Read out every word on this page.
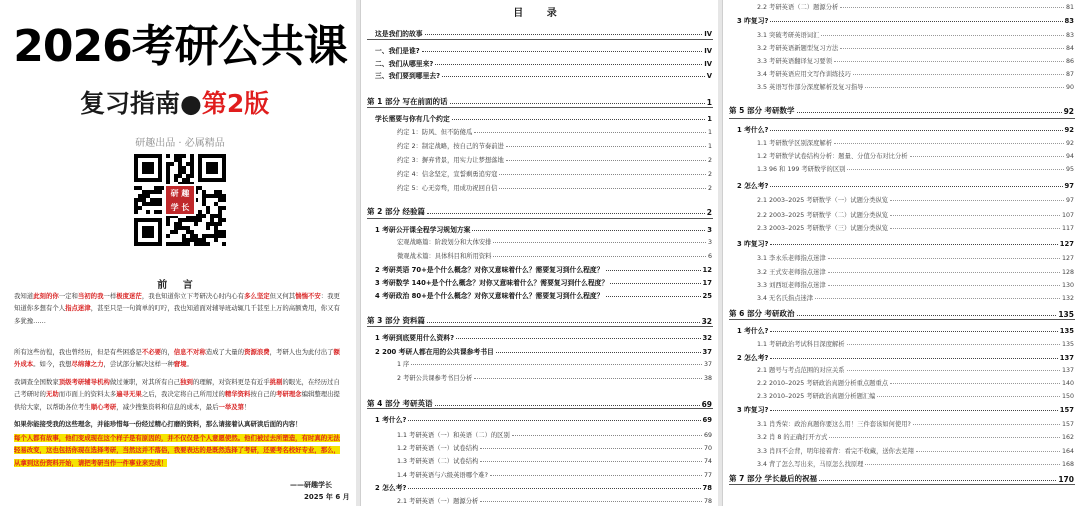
2026考研公共课
复习指南●第2版
研趣出品 · 必属精品
研 趣 学 长
前 言
我知道此刻的你一定和当初的我一样极度迷茫，我也知道你立下考研决心时内心有多么坚定但又何其惴惴不安：我更知道你多想有个人指点迷津，甚至只是一句简单的叮咛，我也知道面对辅导班动辄几千甚至上万的高额费用，你又有多犹豫……
所有这些彷徨，我也曾经历，但是有些困惑是不必要的，信息不对称造成了大量的资源浪费，考研人也为此付出了额外成本。如今，我想尽绵薄之力，尝试部分解决这样一种窘境。
我调查全国数家顶级考研辅导机构做过兼职，对其所有自己独到的理解，对资料更是有近乎挑剔的眼光，在经历过自己考研时的无助而市面上的资料太多遍寻无果之后，我决定将自己所用过的精华资料按自己的考研理念编辑整理出提供给大家，以帮助各位考生顺心考研，减少搜集资料和信息的成本，最后一举及第！
如果你能接受我的这些理念，并能珍惜每一份经过精心打磨的资料，那么请接着认真研读后面的内容！
每个人都有故事，他们变成现在这个样子是有原因的，并不仅仅是个人意愿使然。他们被过去所塑造，有时真的无法轻易改变，这也包括你现在选择考研，当然这并不落俗，我要表达的是既然选择了考研，还要考名校好专业，那么，从拿到这份资料开始，请把考研当作一件事业来完成！
——研趣学长
2025 年 6 月
目 录
这是我们的故事	IV
一、我们是谁?	IV
二、我们从哪里来?	IV
三、我们要到哪里去?	V
第 1 部分 写在前面的话	1
学长需要与你有几个约定	1
约定 1：防风、但不防傻瓜	1
约定 2：制定战略，按自己的节奏前进	1
约定 3：摒弃背景，用实力让梦想落地	2
约定 4：信念坚定，宣誓剩勇追穷寇	2
约定 5：心无旁骛，用成功祝回自信	2
第 2 部分 经验篇	2
1 考研公开课全程学习规划方案	3
宏观战略篇：阶段划分和大体安排	3
微观战术篇：具体科目和所用资料	6
2 考研英语 70+是个什么概念？对你又意味着什么？需要复习到什么程度？	12
3 考研数学 140+是个什么概念？对你又意味着什么？需要复习到什么程度？	17
4 考研政治 80+是个什么概念？对你又意味着什么？需要复习到什么程度？	25
第 3 部分 资料篇	32
1 考研到底要用什么资料?	32
2 200 考研人都在用的公共课参考书目	37
1 序	37
2 考研公共课参考书目分析	38
第 4 部分 考研英语	69
1 考什么?	69
1.1 考研英语（一）和英语（二）的区别	69
1.2 考研英语（一）试卷结构	70
1.3 考研英语（二）试卷结构	74
1.4 考研英语与六级英语哪个难?	77
2 怎么考?	78
2.1 考研英语（一）题源分析	78
2.2 考研英语（二）题源分析	81
3 咋复习?	83
3.1 突破考研英语词汇	83
3.2 考研英语新题型复习方法	84
3.3 考研英语翻译复习要领	86
3.4 考研英语应用文写作训练技巧	87
3.5 英语写作部分深度解析及复习指导	90
第 5 部分 考研数学	92
1 考什么?	92
1.1 考研数学区别深度解析	92
1.2 考研数学试卷结构分析：题量、分值分布对比分析	94
1.3 96 和 199 考研数学的区别	95
2 怎么考?	97
2.1 2003–2025 考研数学（一）试题分类纵览	97
2.2 2003–2025 考研数学（二）试题分类纵览	107
2.3 2003–2025 考研数学（三）试题分类纵览	117
3 咋复习?	127
3.1 李永乐老师指点迷津	127
3.2 王式安老师指点迷津	128
3.3 刘西垣老师指点迷津	130
3.4 无名氏指点迷津	132
第 6 部分 考研政治	135
1 考什么?	135
1.1 考研政治考试科目深度解析	135
2 怎么考?	137
2.1 题号与考点范围的对应关系	137
2.2 2010–2025 考研政治真题分析重点题重点	140
2.3 2010–2025 考研政治真题分析题汇编	150
3 咋复习?	157
3.1 肖秀荣：政治真题你要这么用！三件套该如何使用?	157
3.2 肖 8 的正确打开方式	162
3.3 肖四不会背，明年接着背：看完不收藏，送你去芜翔	164
3.4 背了怎么写出来，马原怎么找原理	168
第 7 部分 学长最后的祝福	170
